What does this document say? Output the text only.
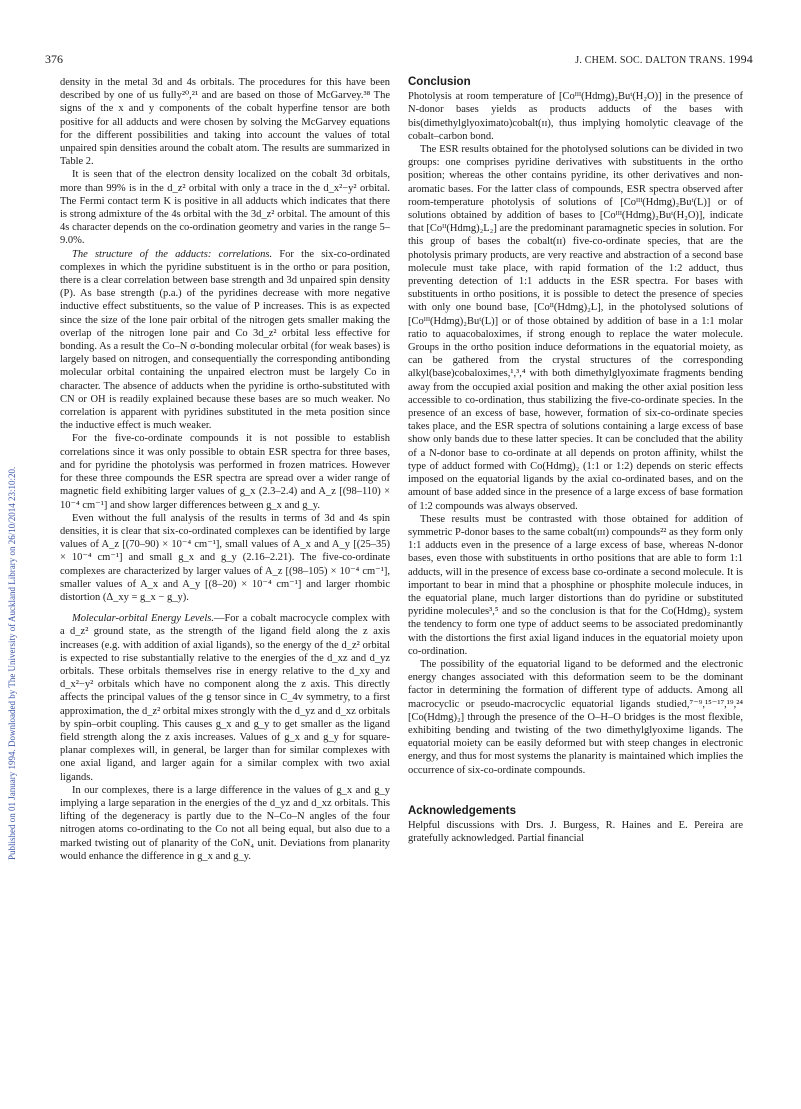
Published on 01 January 1994. Downloaded by The University of Auckland Library on 26/10/2014 23:10:20.
376	J. CHEM. SOC. DALTON TRANS. 1994

density in the metal 3d and 4s orbitals. The procedures for this have been described by one of us fully²⁰,²¹ and are based on those of McGarvey.³⁸ The signs of the x and y components of the cobalt hyperfine tensor are both positive for all adducts and were chosen by solving the McGarvey equations for the different possibilities and taking into account the values of total unpaired spin densities around the cobalt atom. The results are summarized in Table 2.

It is seen that of the electron density localized on the cobalt 3d orbitals, more than 99% is in the d_z² orbital with only a trace in the d_x²−y² orbital. The Fermi contact term K is positive in all adducts which indicates that there is strong admixture of the 4s orbital with the 3d_z² orbital. The amount of this 4s character depends on the co-ordination geometry and varies in the range 5–9.0%.

The structure of the adducts: correlations. For the six-co-ordinated complexes in which the pyridine substituent is in the ortho or para position, there is a clear correlation between base strength and 3d unpaired spin density (P). As base strength (p.a.) of the pyridines decrease with more negative inductive effect substituents, so the value of P increases. This is as expected since the size of the lone pair orbital of the nitrogen gets smaller making the overlap of the nitrogen lone pair and Co 3d_z² orbital less effective for bonding. As a result the Co–N σ-bonding molecular orbital (for weak bases) is largely based on nitrogen, and consequentially the corresponding antibonding molecular orbital containing the unpaired electron must be largely Co in character. The absence of adducts when the pyridine is ortho-substituted with CN or OH is readily explained because these bases are so much weaker. No correlation is apparent with pyridines substituted in the meta position since the inductive effect is much weaker.

For the five-co-ordinate compounds it is not possible to establish correlations since it was only possible to obtain ESR spectra for three bases, and for pyridine the photolysis was performed in frozen matrices. However for these three compounds the ESR spectra are spread over a wider range of magnetic field exhibiting larger values of g_x (2.3–2.4) and A_z [(98–110) × 10⁻⁴ cm⁻¹] and show larger differences between g_x and g_y.

Even without the full analysis of the results in terms of 3d and 4s spin densities, it is clear that six-co-ordinated complexes can be identified by large values of A_z [(70–90) × 10⁻⁴ cm⁻¹], small values of A_x and A_y [(25–35) × 10⁻⁴ cm⁻¹] and small g_x and g_y (2.16–2.21). The five-co-ordinate complexes are characterized by larger values of A_z [(98–105) × 10⁻⁴ cm⁻¹], smaller values of A_x and A_y [(8–20) × 10⁻⁴ cm⁻¹] and larger rhombic distortion (Δ_xy = g_x − g_y).

Molecular-orbital Energy Levels.—For a cobalt macrocycle complex with a d_z² ground state, as the strength of the ligand field along the z axis increases (e.g. with addition of axial ligands), so the energy of the d_z² orbital is expected to rise substantially relative to the energies of the d_xz and d_yz orbitals. These orbitals themselves rise in energy relative to the d_xy and d_x²−y² orbitals which have no component along the z axis. This directly affects the principal values of the g tensor since in C_4v symmetry, to a first approximation, the d_z² orbital mixes strongly with the d_yz and d_xz orbitals by spin–orbit coupling. This causes g_x and g_y to get smaller as the ligand field strength along the z axis increases. Values of g_x and g_y for square-planar complexes will, in general, be larger than for similar complexes with one axial ligand, and larger again for a similar complex with two axial ligands.

In our complexes, there is a large difference in the values of g_x and g_y implying a large separation in the energies of the d_yz and d_xz orbitals. This lifting of the degeneracy is partly due to the N–Co–N angles of the four nitrogen atoms co-ordinating to the Co not all being equal, but also due to a marked twisting out of planarity of the CoN₄ unit. Deviations from planarity would enhance the difference in g_x and g_y.

Conclusion

Photolysis at room temperature of [Coᴵᴵᴵ(Hdmg)₂Buᵗ(H₂O)] in the presence of N-donor bases yields as products adducts of the bases with bis(dimethylglyoximato)cobalt(ɪɪ), thus implying homolytic cleavage of the cobalt–carbon bond.

The ESR results obtained for the photolysed solutions can be divided in two groups: one comprises pyridine derivatives with substituents in the ortho position; whereas the other contains pyridine, its other derivatives and non-aromatic bases. For the latter class of compounds, ESR spectra observed after room-temperature photolysis of solutions of [Coᴵᴵᴵ(Hdmg)₂Buᵗ(L)] or of solutions obtained by addition of bases to [Coᴵᴵᴵ(Hdmg)₂Buᵗ(H₂O)], indicate that [Coᴵᴵ(Hdmg)₂L₂] are the predominant paramagnetic species in solution. For this group of bases the cobalt(ɪɪ) five-co-ordinate species, that are the photolysis primary products, are very reactive and abstraction of a second base molecule must take place, with rapid formation of the 1:2 adduct, thus preventing detection of 1:1 adducts in the ESR spectra. For bases with substituents in ortho positions, it is possible to detect the presence of species with only one bound base, [Coᴵᴵ(Hdmg)₂L], in the photolysed solutions of [Coᴵᴵᴵ(Hdmg)₂Buᵗ(L)] or of those obtained by addition of base in a 1:1 molar ratio to aquacobaloximes, if strong enough to replace the water molecule. Groups in the ortho position induce deformations in the equatorial moiety, as can be gathered from the crystal structures of the corresponding alkyl(base)cobaloximes,¹,³,⁴ with both dimethylglyoximate fragments bending away from the occupied axial position and making the other axial position less accessible to co-ordination, thus stabilizing the five-co-ordinate species. In the presence of an excess of base, however, formation of six-co-ordinate species takes place, and the ESR spectra of solutions containing a large excess of base show only bands due to these latter species. It can be concluded that the ability of a N-donor base to co-ordinate at all depends on proton affinity, whilst the type of adduct formed with Co(Hdmg)₂ (1:1 or 1:2) depends on steric effects imposed on the equatorial ligands by the axial co-ordinated bases, and on the amount of base added since in the presence of a large excess of base formation of 1:2 compounds was always observed.

These results must be contrasted with those obtained for addition of symmetric P-donor bases to the same cobalt(ɪɪɪ) compounds²² as they form only 1:1 adducts even in the presence of a large excess of base, whereas N-donor bases, even those with substituents in ortho positions that are able to form 1:1 adducts, will in the presence of excess base co-ordinate a second molecule. It is important to bear in mind that a phosphine or phosphite molecule induces, in the equatorial plane, much larger distortions than do pyridine or substituted pyridine molecules³,⁵ and so the conclusion is that for the Co(Hdmg)₂ system the tendency to form one type of adduct seems to be associated predominantly with the distortions the first axial ligand induces in the equatorial moiety upon co-ordination.

The possibility of the equatorial ligand to be deformed and the electronic energy changes associated with this deformation seem to be the dominant factor in determining the formation of different type of adducts. Among all macrocyclic or pseudo-macrocyclic equatorial ligands studied,⁷⁻⁹,¹⁵⁻¹⁷,¹⁹,²⁴ [Co(Hdmg)₂] through the presence of the O–H–O bridges is the most flexible, exhibiting bending and twisting of the two dimethylglyoxime ligands. The equatorial moiety can be easily deformed but with steep changes in electronic energy, and thus for most systems the planarity is maintained which implies the occurrence of six-co-ordinate compounds.

Acknowledgements

Helpful discussions with Drs. J. Burgess, R. Haines and E. Pereira are gratefully acknowledged. Partial financial
